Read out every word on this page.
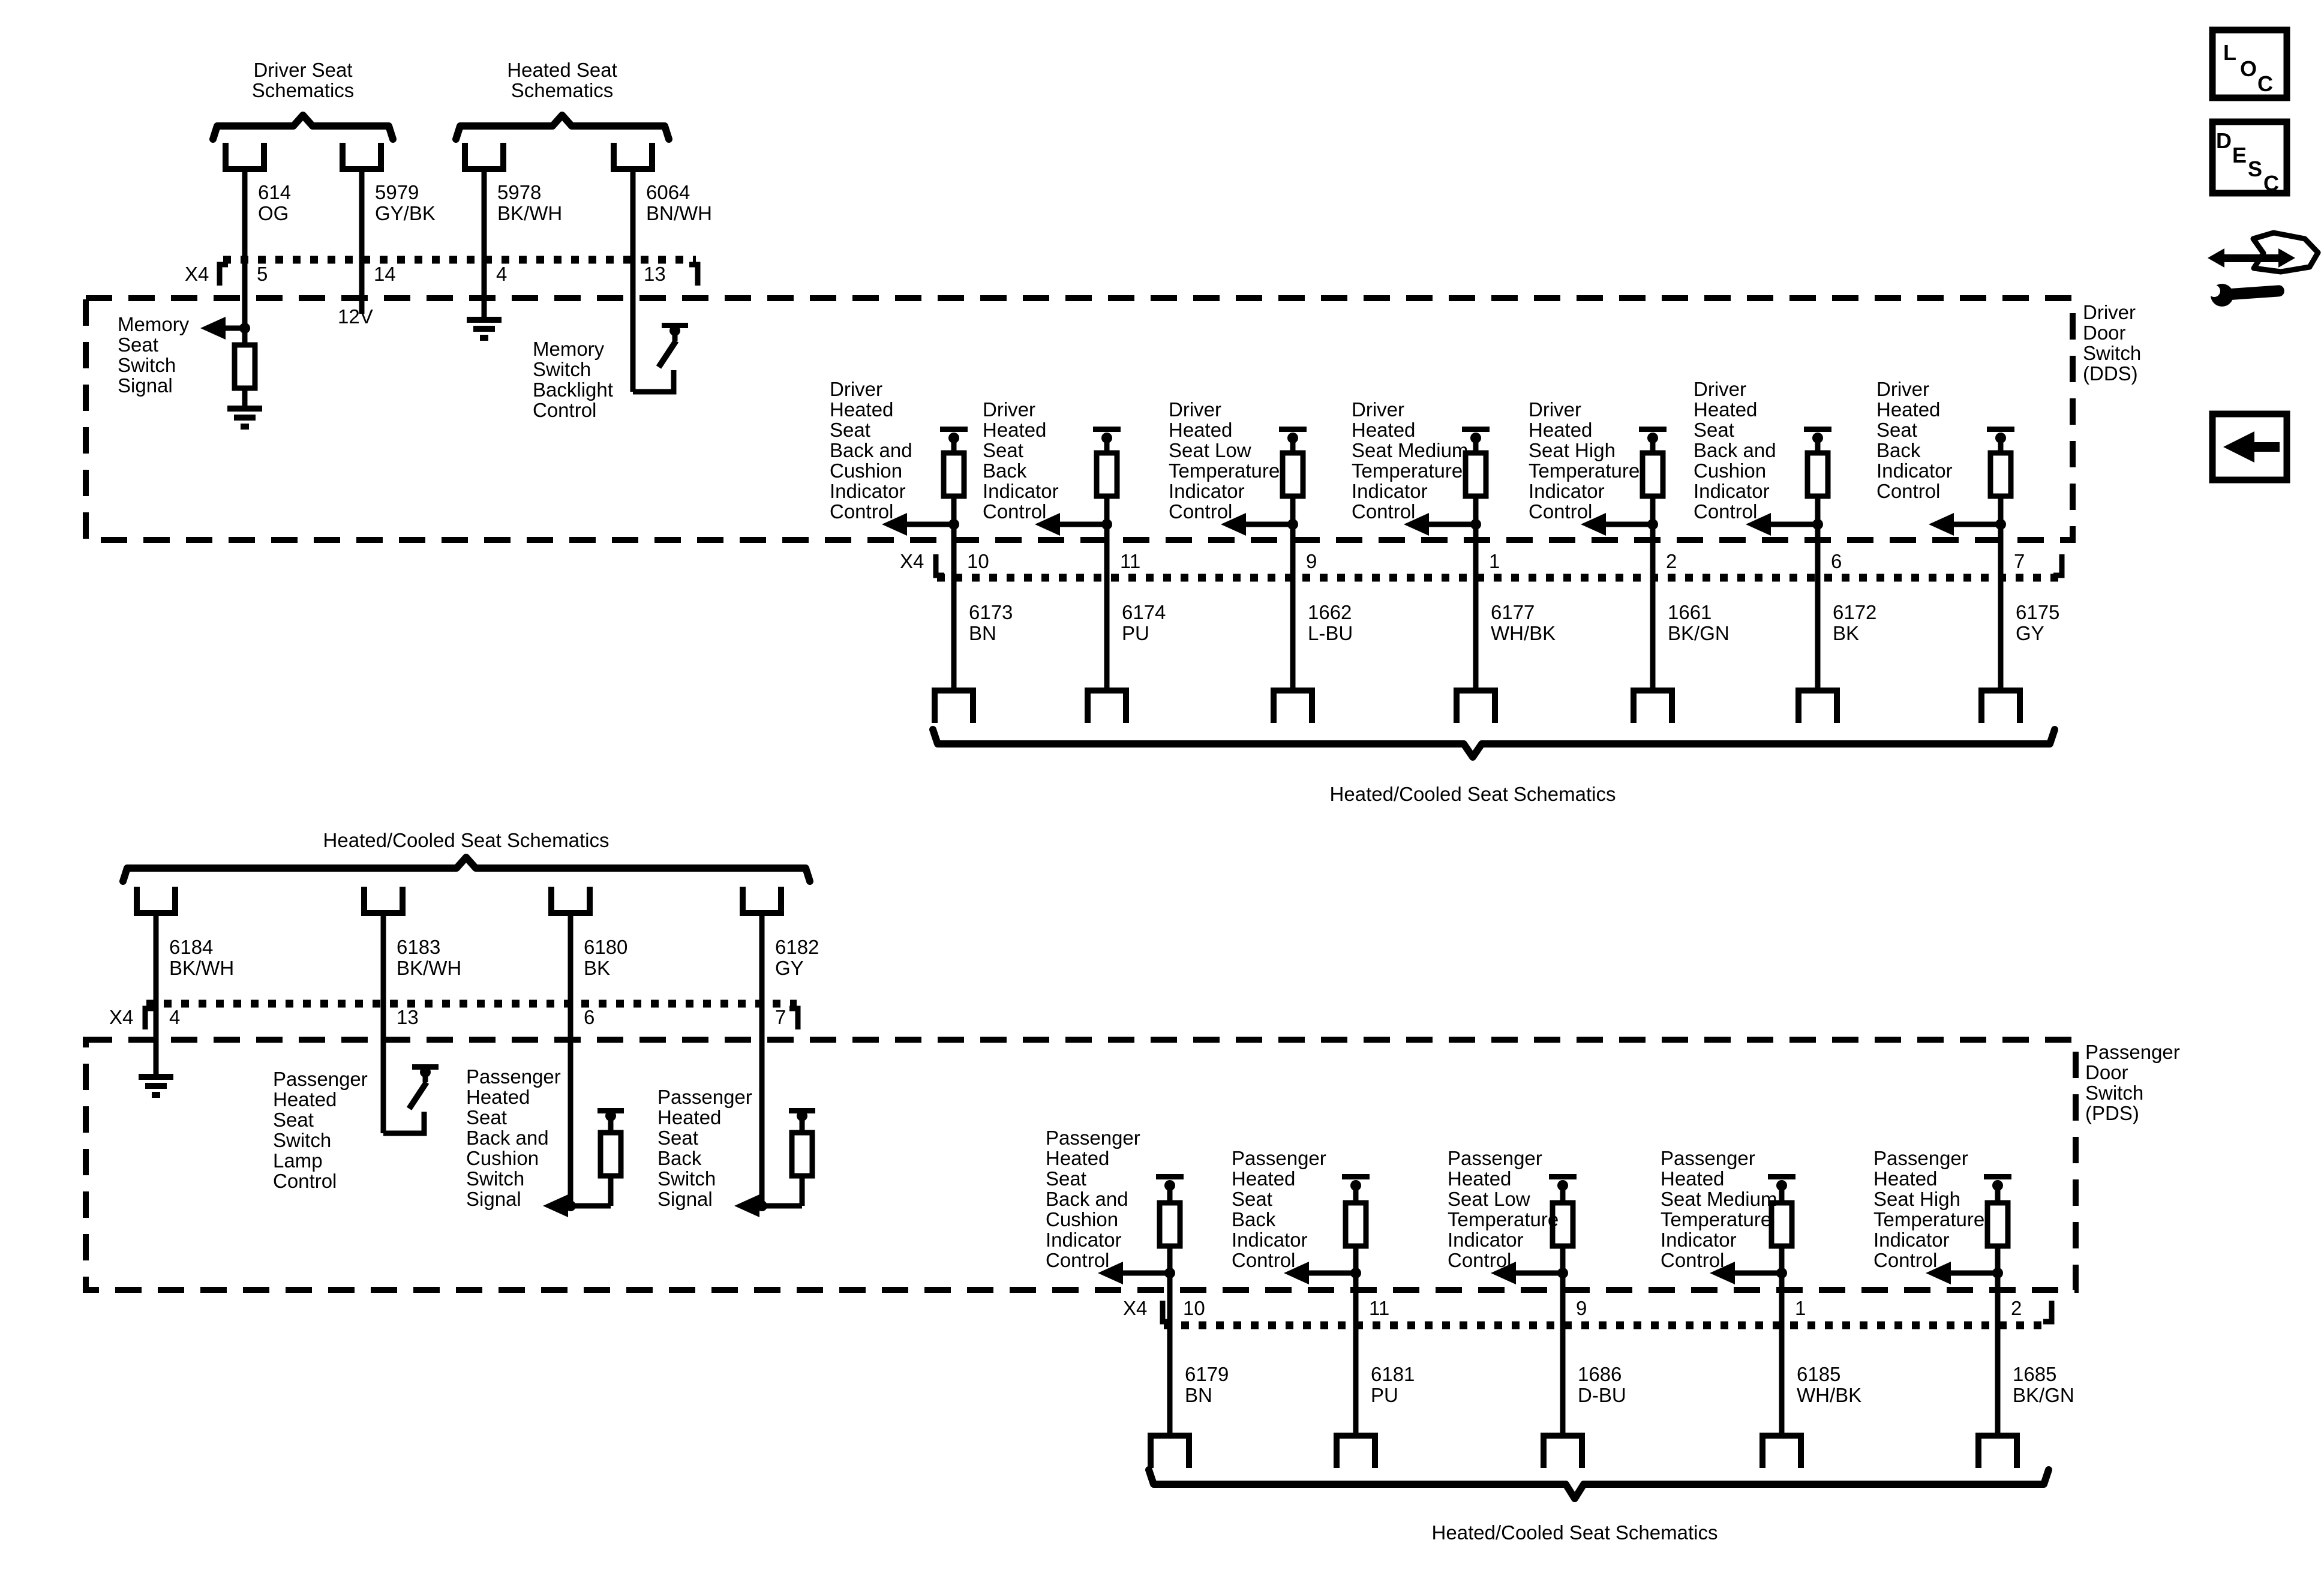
Driver Seat Schematics
Heated Seat Schematics
614
OG
5
5979
GY/BK
14
5978
BK/WH
4
6064
BN/WH
13
X4
Driver Door Switch (DDS)
Memory Seat Switch Signal
12V
Memory Switch Backlight Control
Driver Heated Seat Back and Cushion Indicator Control
10
6173
BN
Driver Heated Seat Back Indicator Control
11
6174
PU
Driver Heated Seat Low Temperature Indicator Control
9
1662
L-BU
Driver Heated Seat Medium Temperature Indicator Control
1
6177
WH/BK
Driver Heated Seat High Temperature Indicator Control
2
1661
BK/GN
Driver Heated Seat Back and Cushion Indicator Control
6
6172
BK
Driver Heated Seat Back Indicator Control
7
6175
GY
X4
Heated/Cooled Seat Schematics
Heated/Cooled Seat Schematics
6184
BK/WH
4
6183
BK/WH
13
6180
BK
6
6182
GY
7
X4
Passenger Door Switch (PDS)
Passenger Heated Seat Switch Lamp Control
Passenger Heated Seat Back and Cushion Switch Signal
Passenger Heated Seat Back Switch Signal
Passenger Heated Seat Back and Cushion Indicator Control
10
6179
BN
Passenger Heated Seat Back Indicator Control
11
6181
PU
Passenger Heated Seat Low Temperature Indicator Control
9
1686
D-BU
Passenger Heated Seat Medium Temperature Indicator Control
1
6185
WH/BK
Passenger Heated Seat High Temperature Indicator Control
2
1685
BK/GN
X4
Heated/Cooled Seat Schematics
L
O
C
D
E
S
C
